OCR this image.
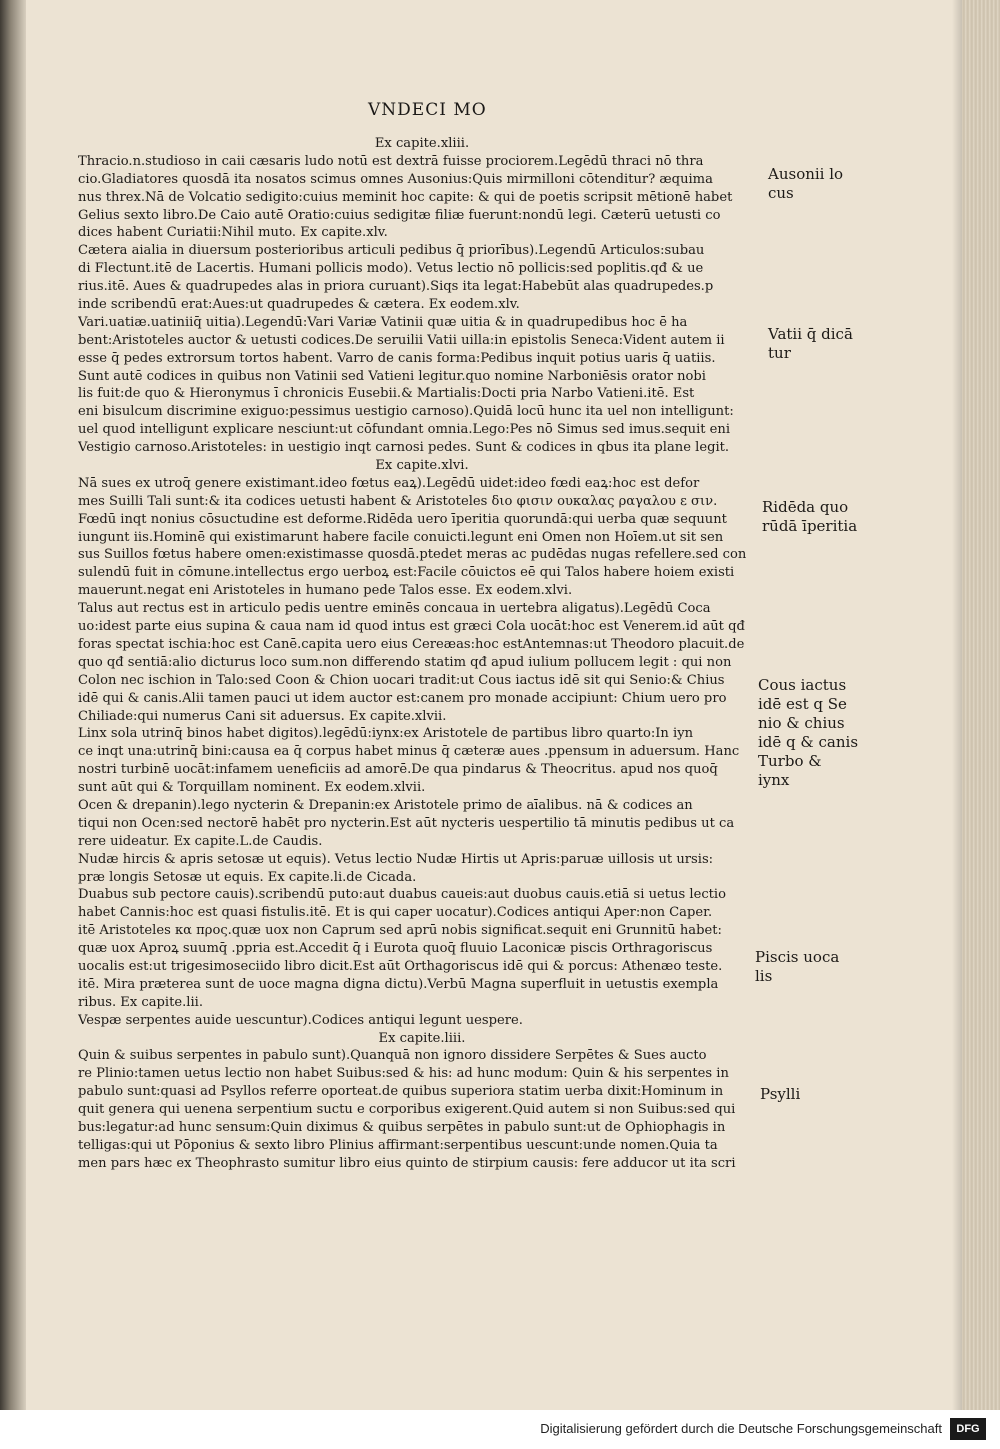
VNDECI MO
Ex capite.xliii.
Thracio.n.studioso in caii cæsaris ludo notū est dextrā fuisse prociorem.Legēdū thraci nō thra
cio.Gladiatores quosdā ita nosatos scimus omnes Ausonius:Quis mirmilloni cōtenditur? æquima
nus threx.Nā de Volcatio sedigito:cuius meminit hoc capite: & qui de poetis scripsit mētionē habet
Gelius sexto libro.De Caio autē Oratio:cuius sedigitæ filiæ fuerunt:nondū legi. Cæterū uetusti co
dices habent Curiatii:Nihil muto. Ex capite.xlv.
Cætera aialia in diuersum posterioribus articuli pedibus q̄ priorībus).Legendū Articulos:subau
di Flectunt.itē de Lacertis. Humani pollicis modo). Vetus lectio nō pollicis:sed poplitis.qđ & ue
rius.itē. Aues & quadrupedes alas in priora curuant).Siqs ita legat:Habebūt alas quadrupedes.p
inde scribendū erat:Aues:ut quadrupedes & cætera. Ex eodem.xlv.
Vari.uatiæ.uatiniiq̄ uitia).Legendū:Vari Variæ Vatinii quæ uitia & in quadrupedibus hoc ē ha
bent:Aristoteles auctor & uetusti codices.De seruilii Vatii uilla:in epistolis Seneca:Vident autem ii
esse q̄ pedes extrorsum tortos habent. Varro de canis forma:Pedibus inquit potius uaris q̄ uatiis.
Sunt autē codices in quibus non Vatinii sed Vatieni legitur.quo nomine Narboniēsis orator nobi
lis fuit:de quo & Hieronymus ī chronicis Eusebii.& Martialis:Docti pria Narbo Vatieni.itē. Est
eni bisulcum discrimine exiguo:pessimus uestigio carnoso).Quidā locū hunc ita uel non intelligunt:
uel quod intelligunt explicare nesciunt:ut cōfundant omnia.Lego:Pes nō Simus sed imus.sequit eni
Vestigio carnoso.Aristoteles: in uestigio inqt carnosi pedes. Sunt & codices in qbus ita plane legit.
Ex capite.xlvi.
Nā sues ex utroq̄ genere existimant.ideo fœtus eaꝝ).Legēdū uidet:ideo fœdi eaꝝ:hoc est defor
mes Suilli Tali sunt:& ita codices uetusti habent & Aristoteles διο φισιν ουκαλας ραγαλου ε σιν.
Fœdū inqt nonius cōsuctudine est deforme.Ridēda uero īperitia quorundā:qui uerba quæ sequunt
iungunt iis.Hominē qui existimarunt habere facile conuicti.legunt eni Omen non Hoīem.ut sit sen
sus Suillos fœtus habere omen:existimasse quosdā.ptedet meras ac pudēdas nugas refellere.sed con
sulendū fuit in cōmune.intellectus ergo uerboꝝ est:Facile cōuictos eē qui Talos habere hoiem existi
mauerunt.negat eni Aristoteles in humano pede Talos esse. Ex eodem.xlvi.
Talus aut rectus est in articulo pedis uentre eminēs concaua in uertebra aligatus).Legēdū Coca
uo:idest parte eius supina & caua nam id quod intus est græci Cola uocāt:hoc est Venerem.id aūt qđ
foras spectat ischia:hoc est Canē.capita uero eius Cereæas:hoc estAntemnas:ut Theodoro placuit.de
quo qđ sentiā:alio dicturus loco sum.non differendo statim qđ apud iulium pollucem legit : qui non
Colon nec ischion in Talo:sed Coon & Chion uocari tradit:ut Cous iactus idē sit qui Senio:& Chius
idē qui & canis.Alii tamen pauci ut idem auctor est:canem pro monade accipiunt: Chium uero pro
Chiliade:qui numerus Cani sit aduersus. Ex capite.xlvii.
Linx sola utrinq̄ binos habet digitos).legēdū:iynx:ex Aristotele de partibus libro quarto:In iyn
ce inqt una:utrinq̄ bini:causa ea q̄ corpus habet minus q̄ cæteræ aues .ppensum in aduersum. Hanc
nostri turbinē uocāt:infamem ueneficiis ad amorē.De qua pindarus & Theocritus. apud nos quoq̄
sunt aūt qui & Torquillam nominent. Ex eodem.xlvii.
Ocen & drepanin).lego nycterin & Drepanin:ex Aristotele primo de aīalibus. nā & codices an
tiqui non Ocen:sed nectorē habēt pro nycterin.Est aūt nycteris uespertilio tā minutis pedibus ut ca
rere uideatur. Ex capite.L.de Caudis.
Nudæ hircis & apris setosæ ut equis). Vetus lectio Nudæ Hirtis ut Apris:paruæ uillosis ut ursis:
præ longis Setosæ ut equis. Ex capite.li.de Cicada.
Duabus sub pectore cauis).scribendū puto:aut duabus caueis:aut duobus cauis.etiā si uetus lectio
habet Cannis:hoc est quasi fistulis.itē. Et is qui caper uocatur).Codices antiqui Aper:non Caper.
itē Aristoteles κα προς.quæ uox non Caprum sed aprū nobis significat.sequit eni Grunnitū habet:
quæ uox Aproꝝ suumq̄ .ppria est.Accedit q̄ i Eurota quoq̄ fluuio Laconicæ piscis Orthragoriscus
uocalis est:ut trigesimoseciido libro dicit.Est aūt Orthagoriscus idē qui & porcus: Athenæo teste.
itē. Mira præterea sunt de uoce magna digna dictu).Verbū Magna superfluit in uetustis exempla
ribus. Ex capite.lii.
Vespæ serpentes auide uescuntur).Codices antiqui legunt uespere.
Ex capite.liii.
Quin & suibus serpentes in pabulo sunt).Quanquā non ignoro dissidere Serpētes & Sues aucto
re Plinio:tamen uetus lectio non habet Suibus:sed & his: ad hunc modum: Quin & his serpentes in
pabulo sunt:quasi ad Psyllos referre oporteat.de quibus superiora statim uerba dixit:Hominum in
quit genera qui uenena serpentium suctu e corporibus exigerent.Quid autem si non Suibus:sed qui
bus:legatur:ad hunc sensum:Quin diximus & quibus serpētes in pabulo sunt:ut de Ophiophagis in
telligas:qui ut Pōponius & sexto libro Plinius affirmant:serpentibus uescunt:unde nomen.Quia ta
men pars hæc ex Theophrasto sumitur libro eius quinto de stirpium causis: fere adducor ut ita scri
Ausonii lo
cus
Vatii q̄ dicā
tur
Ridēda quo
rūdā īperitia
Cous iactus
idē est q Se
nio & chius
idē q & canis
Turbo &
iynx
Piscis uoca
lis
Psylli
Digitalisierung gefördert durch die Deutsche Forschungsgemeinschaft	DFG
